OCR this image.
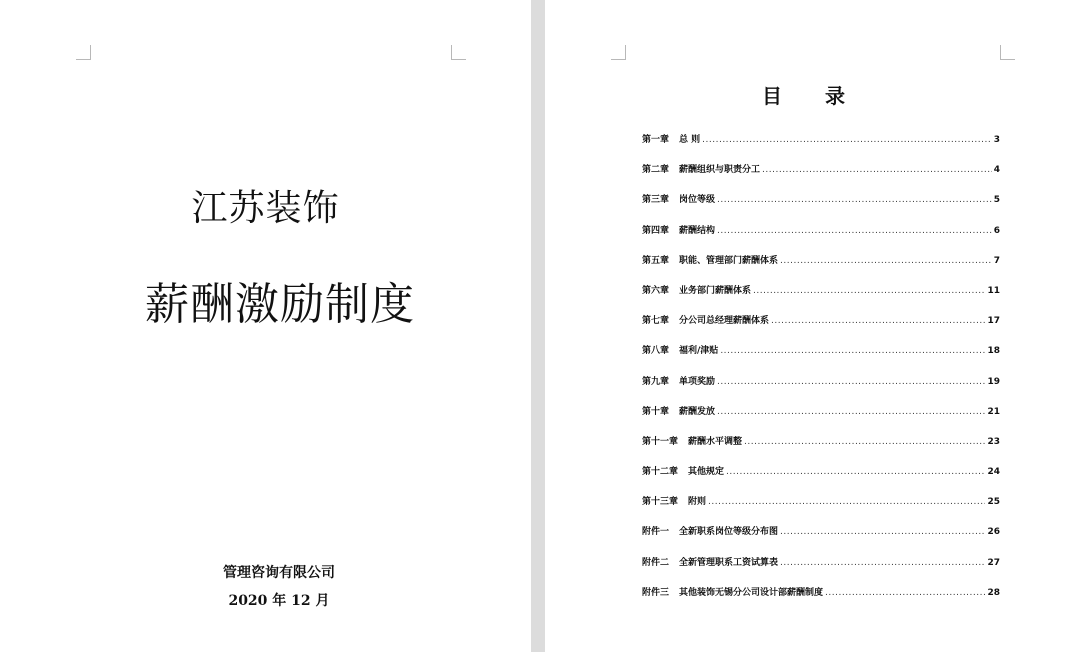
江苏装饰
薪酬激励制度
管理咨询有限公司
2020 年 12 月
目 录
第一章 总 则 .....	3
第二章 薪酬组织与职责分工 .....	4
第三章 岗位等级 .....	5
第四章 薪酬结构 .....	6
第五章 职能、管理部门薪酬体系 .....	7
第六章 业务部门薪酬体系 .....	11
第七章 分公司总经理薪酬体系 .....	17
第八章 福利/津贴 .....	18
第九章 单项奖励 .....	19
第十章 薪酬发放 .....	21
第十一章 薪酬水平调整 .....	23
第十二章 其他规定 .....	24
第十三章 附则 .....	25
附件一 全新职系岗位等级分布图 .....	26
附件二 全新管理职系工资试算表 .....	27
附件三 其他装饰无锡分公司设计部薪酬制度 .....	28
